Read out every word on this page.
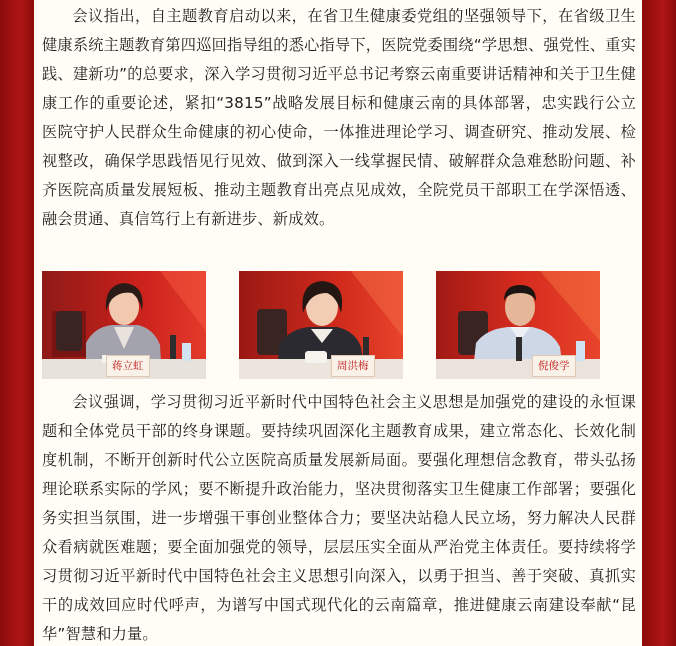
会议指出，自主题教育启动以来，在省卫生健康委党组的坚强领导下，在省级卫生健康系统主题教育第四巡回指导组的悉心指导下，医院党委围绕“学思想、强党性、重实践、建新功”的总要求，深入学习贯彻习近平总书记考察云南重要讲话精神和关于卫生健康工作的重要论述，紧扣“3815”战略发展目标和健康云南的具体部署，忠实践行公立医院守护人民群众生命健康的初心使命，一体推进理论学习、调查研究、推动发展、检视整改，确保学思践悟见行见效、做到深入一线掌握民情、破解群众急难愁盼问题、补齐医院高质量发展短板、推动主题教育出亮点见成效，全院党员干部职工在学深悟透、融会贯通、真信笃行上有新进步、新成效。

蒋立虹	周洪梅	倪俊学

会议强调，学习贯彻习近平新时代中国特色社会主义思想是加强党的建设的永恒课题和全体党员干部的终身课题。要持续巩固深化主题教育成果，建立常态化、长效化制度机制，不断开创新时代公立医院高质量发展新局面。要强化理想信念教育，带头弘扬理论联系实际的学风；要不断提升政治能力，坚决贯彻落实卫生健康工作部署；要强化务实担当氛围，进一步增强干事创业整体合力；要坚决站稳人民立场，努力解决人民群众看病就医难题；要全面加强党的领导，层层压实全面从严治党主体责任。要持续将学习贯彻习近平新时代中国特色社会主义思想引向深入，以勇于担当、善于突破、真抓实干的成效回应时代呼声，为谱写中国式现代化的云南篇章，推进健康云南建设奉献“昆华”智慧和力量。
